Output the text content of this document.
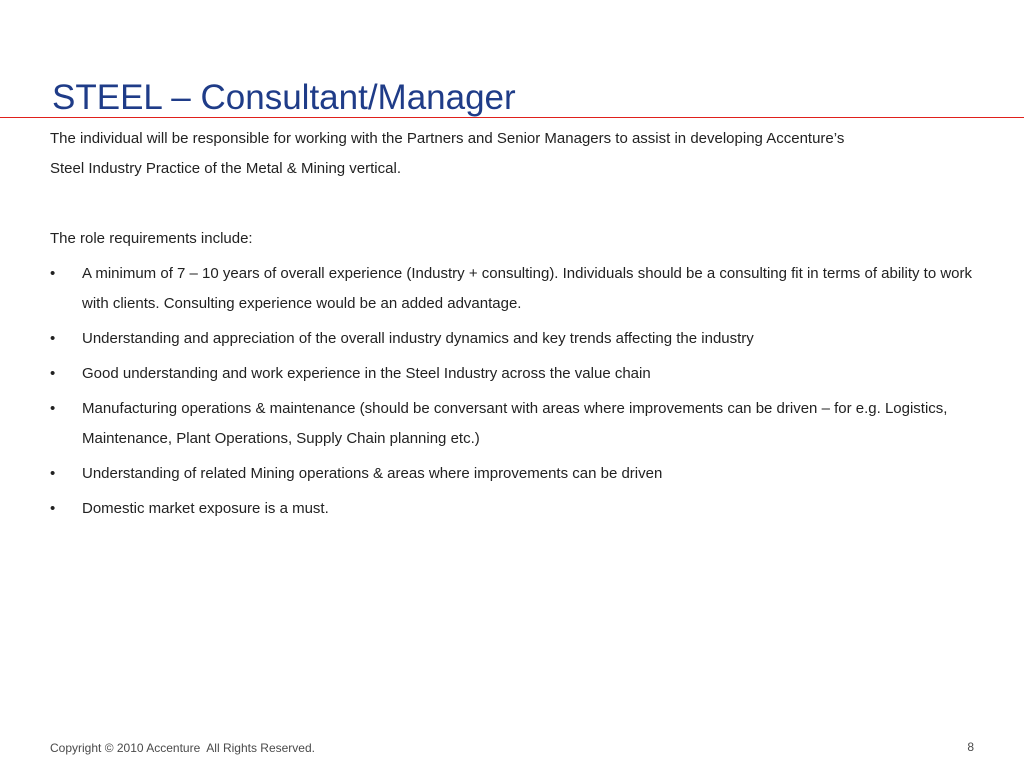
STEEL – Consultant/Manager

The individual will be responsible for working with the Partners and Senior Managers to assist in developing Accenture’s
Steel Industry Practice of the Metal & Mining vertical.

The role requirements include:
•	A minimum of 7 – 10 years of overall experience (Industry + consulting). Individuals should be a consulting fit in terms of ability to work with clients. Consulting experience would be an added advantage.
•	Understanding and appreciation of the overall industry dynamics and key trends affecting the industry
•	Good understanding and work experience in the Steel Industry across the value chain
•	Manufacturing operations & maintenance (should be conversant with areas where improvements can be driven – for e.g. Logistics, Maintenance, Plant Operations, Supply Chain planning etc.)
•	Understanding of related Mining operations & areas where improvements can be driven
•	Domestic market exposure is a must.
Copyright © 2010 Accenture  All Rights Reserved.	8
